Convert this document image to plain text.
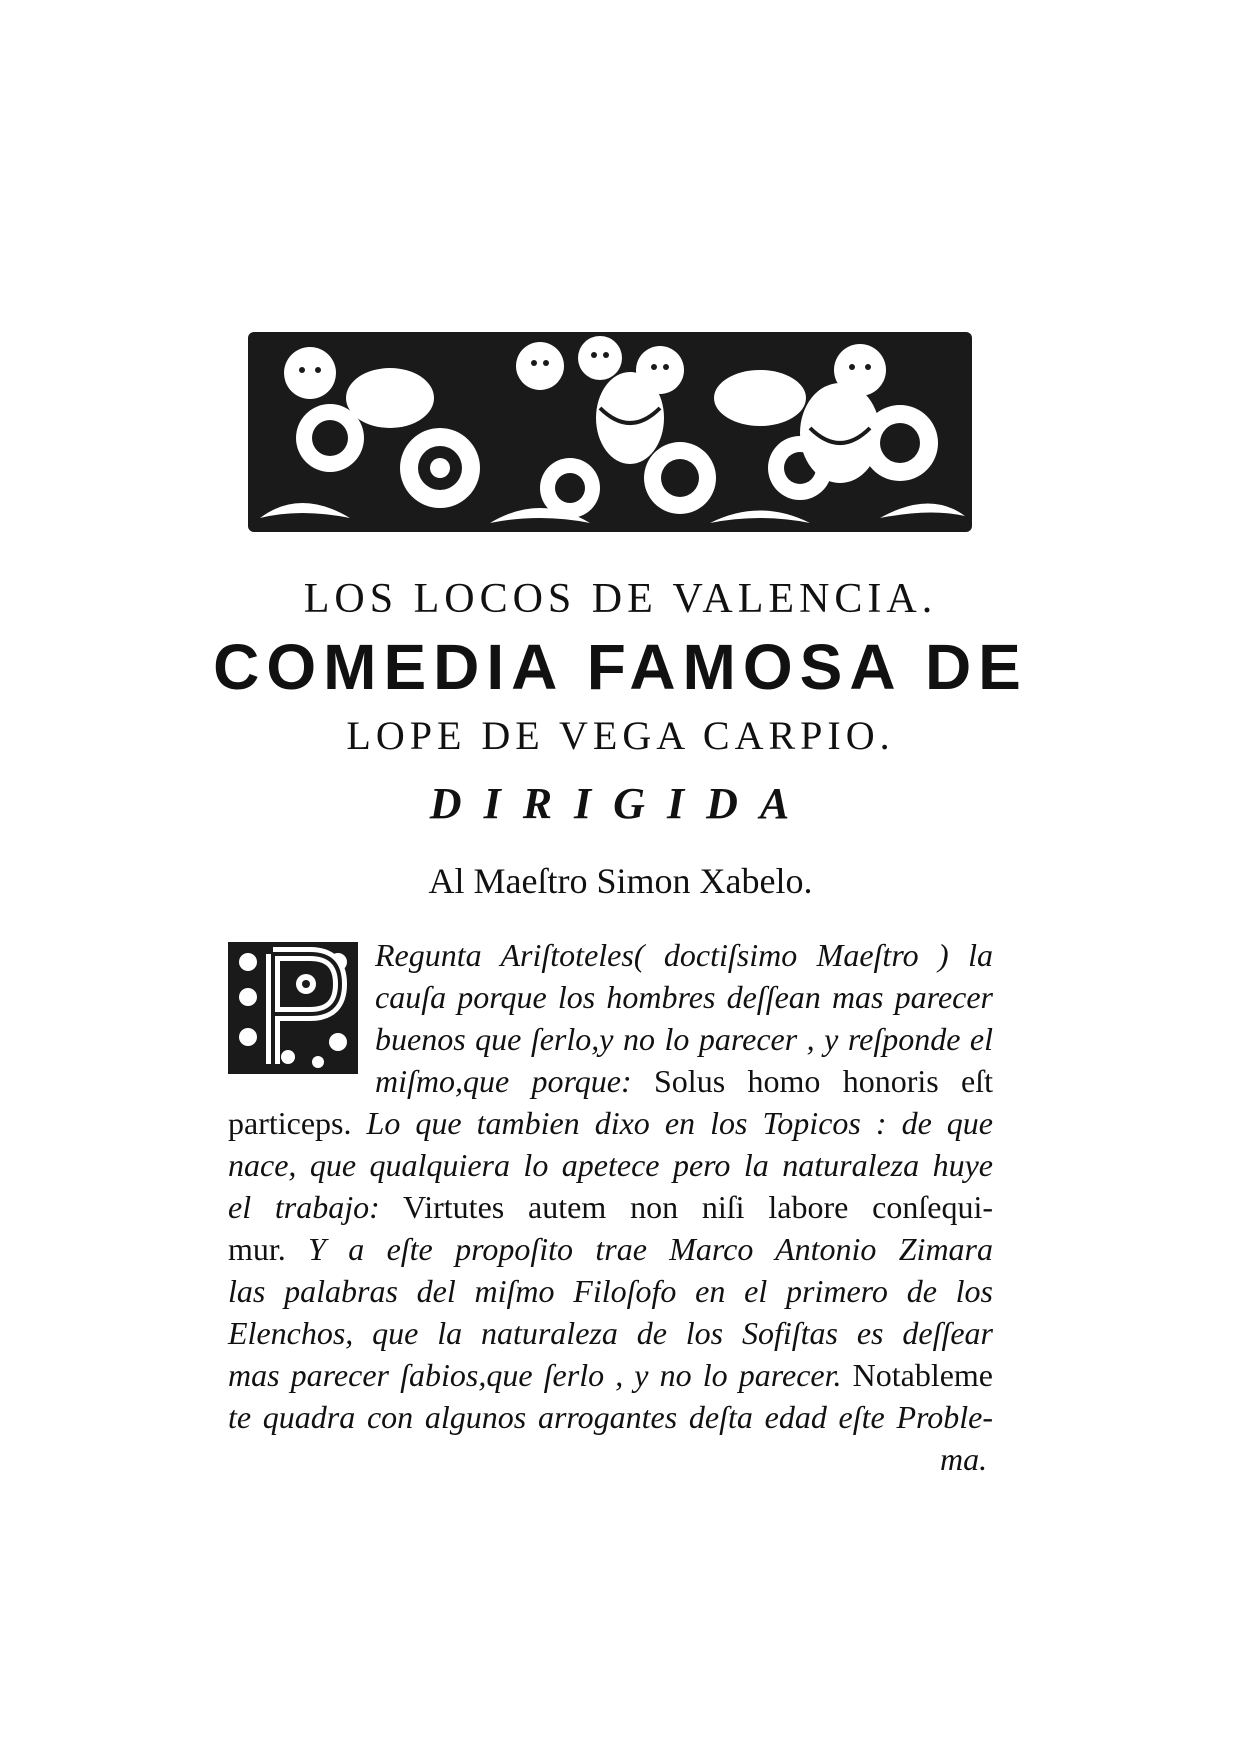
LOS LOCOS DE VALENCIA.
COMEDIA FAMOSA DE
LOPE DE VEGA CARPIO.
DIRIGIDA
Al Maeſtro Simon Xabelo.
Regunta Ariſtoteles( doctiſsimo Maeſtro ) la
cauſa porque los hombres deſſean mas parecer
buenos que ſerlo,y no lo parecer , y reſponde el
miſmo,que porque: Solus homo honoris eſt
particeps. Lo que tambien dixo en los Topicos : de que
nace, que qualquiera lo apetece pero la naturaleza huye
el trabajo: Virtutes autem non niſi labore conſequi-
mur. Y a eſte propoſito trae Marco Antonio Zimara
las palabras del miſmo Filoſofo en el primero de los
Elenchos, que la naturaleza de los Sofiſtas es deſſear
mas parecer ſabios,que ſerlo , y no lo parecer. Notableme
te quadra con algunos arrogantes deſta edad eſte Proble-
ma.
